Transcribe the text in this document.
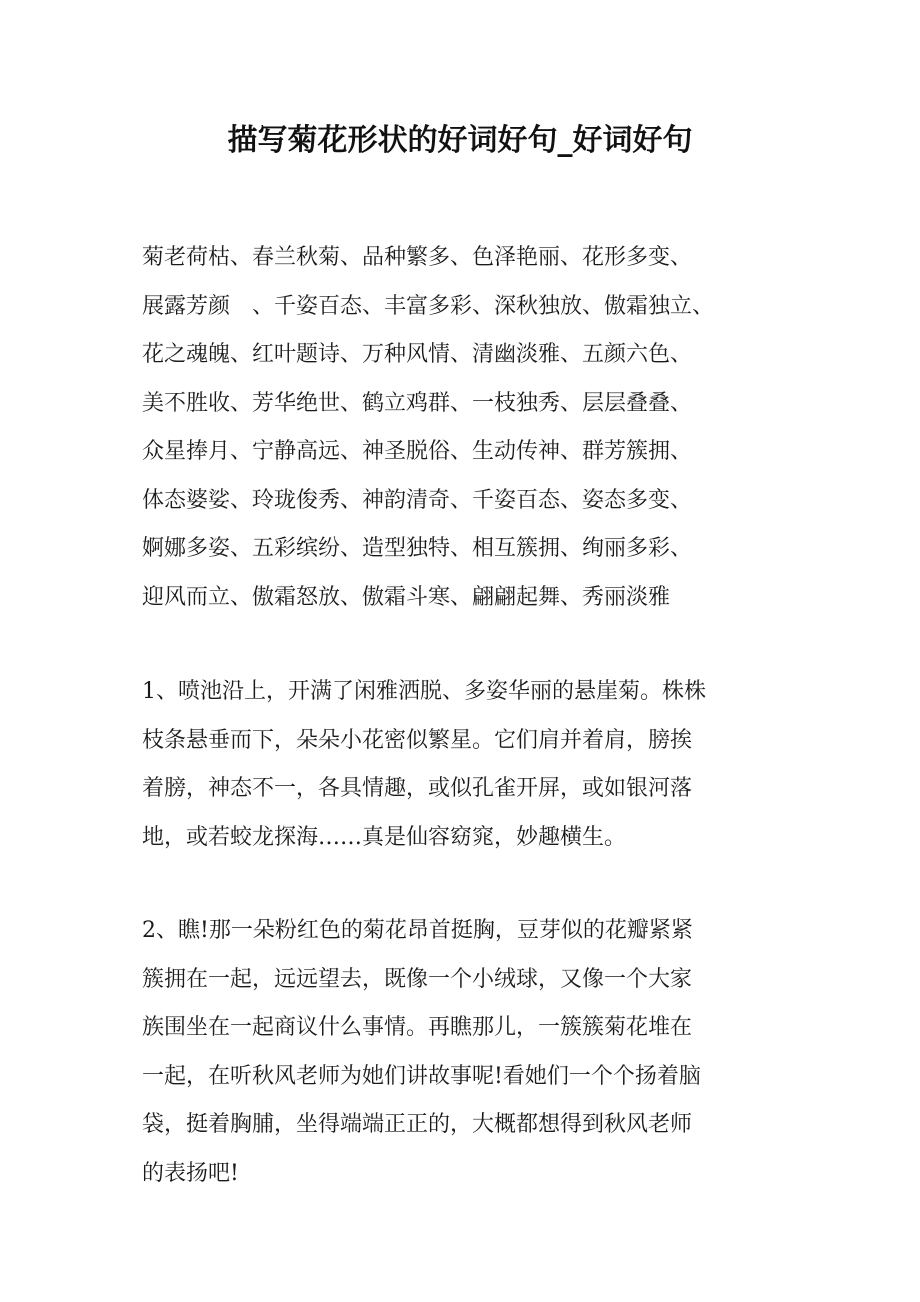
描写菊花形状的好词好句_好词好句
菊老荷枯、春兰秋菊、品种繁多、色泽艳丽、花形多变、
展露芳颜　、千姿百态、丰富多彩、深秋独放、傲霜独立、
花之魂魄、红叶题诗、万种风情、清幽淡雅、五颜六色、
美不胜收、芳华绝世、鹤立鸡群、一枝独秀、层层叠叠、
众星捧月、宁静高远、神圣脱俗、生动传神、群芳簇拥、
体态婆娑、玲珑俊秀、神韵清奇、千姿百态、姿态多变、
婀娜多姿、五彩缤纷、造型独特、相互簇拥、绚丽多彩、
迎风而立、傲霜怒放、傲霜斗寒、翩翩起舞、秀丽淡雅
1、喷池沿上，开满了闲雅洒脱、多姿华丽的悬崖菊。株株
枝条悬垂而下，朵朵小花密似繁星。它们肩并着肩，膀挨
着膀，神态不一，各具情趣，或似孔雀开屏，或如银河落
地，或若蛟龙探海……真是仙容窈窕，妙趣横生。
2、瞧!那一朵粉红色的菊花昂首挺胸，豆芽似的花瓣紧紧
簇拥在一起，远远望去，既像一个小绒球，又像一个大家
族围坐在一起商议什么事情。再瞧那儿，一簇簇菊花堆在
一起，在听秋风老师为她们讲故事呢!看她们一个个扬着脑
袋，挺着胸脯，坐得端端正正的，大概都想得到秋风老师
的表扬吧!
